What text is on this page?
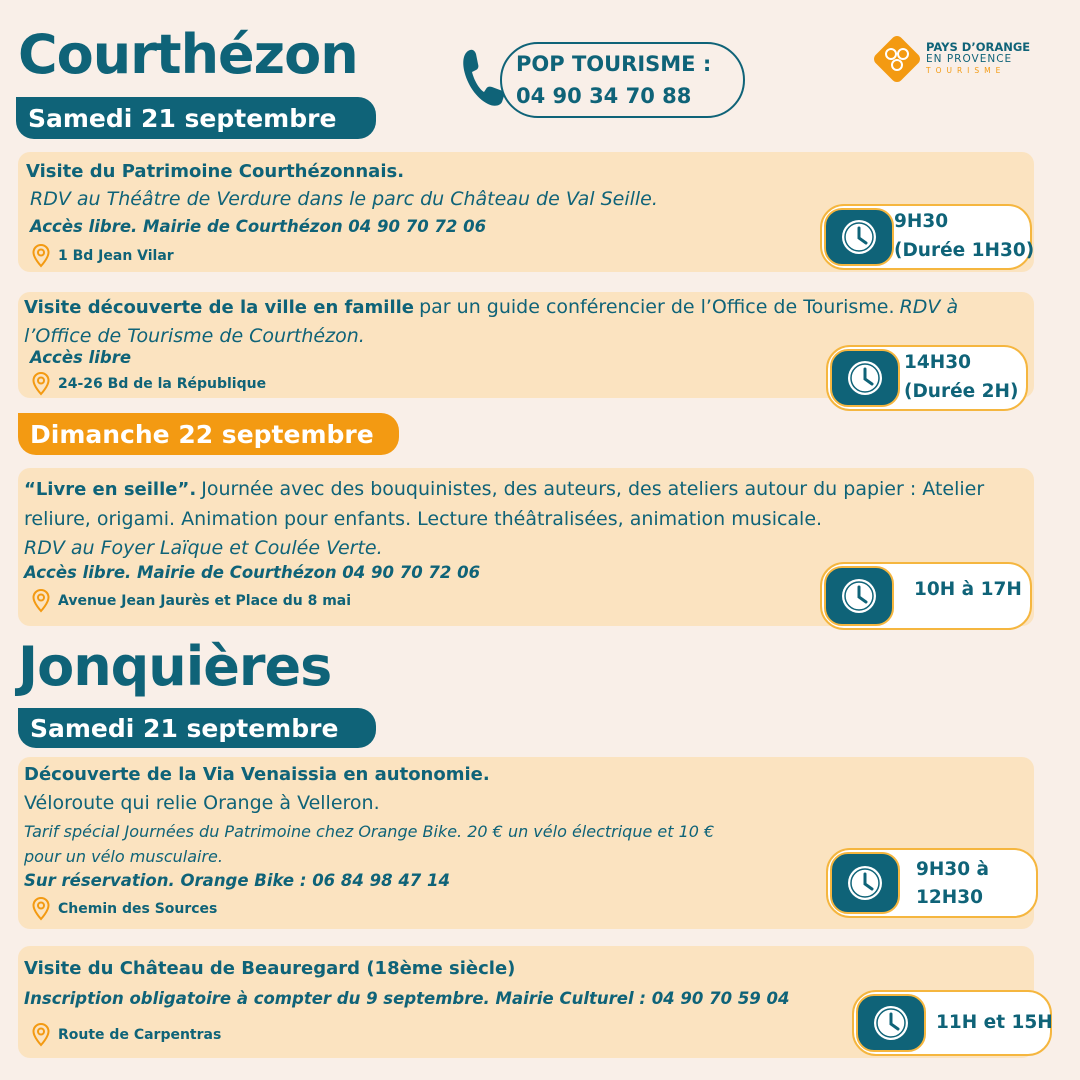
Courthézon	POP TOURISME :
04 90 34 70 88
PAYS D’ORANGE
EN PROVENCE
TOURISME
Samedi 21 septembre
Visite du Patrimoine Courthézonnais.
RDV au Théâtre de Verdure dans le parc du Château de Val Seille.
Accès libre. Mairie de Courthézon 04 90 70 72 06
1 Bd Jean Vilar
9H30
(Durée 1H30)
Visite découverte de la ville en famille par un guide conférencier de l’Office de Tourisme. RDV à
l’Office de Tourisme de Courthézon.
Accès libre
24-26 Bd de la République
14H30
(Durée 2H)
Dimanche 22 septembre
“Livre en seille”. Journée avec des bouquinistes, des auteurs, des ateliers autour du papier : Atelier
reliure, origami. Animation pour enfants. Lecture théâtralisées, animation musicale.
RDV au Foyer Laïque et Coulée Verte.
Accès libre. Mairie de Courthézon 04 90 70 72 06
Avenue Jean Jaurès et Place du 8 mai
10H à 17H
Jonquières
Samedi 21 septembre
Découverte de la Via Venaissia en autonomie.
Véloroute qui relie Orange à Velleron.
Tarif spécial Journées du Patrimoine chez Orange Bike. 20 € un vélo électrique et 10 €
pour un vélo musculaire.
Sur réservation. Orange Bike : 06 84 98 47 14
Chemin des Sources
9H30 à
12H30
Visite du Château de Beauregard (18ème siècle)
Inscription obligatoire à compter du 9 septembre. Mairie Culturel : 04 90 70 59 04
Route de Carpentras
11H et 15H
